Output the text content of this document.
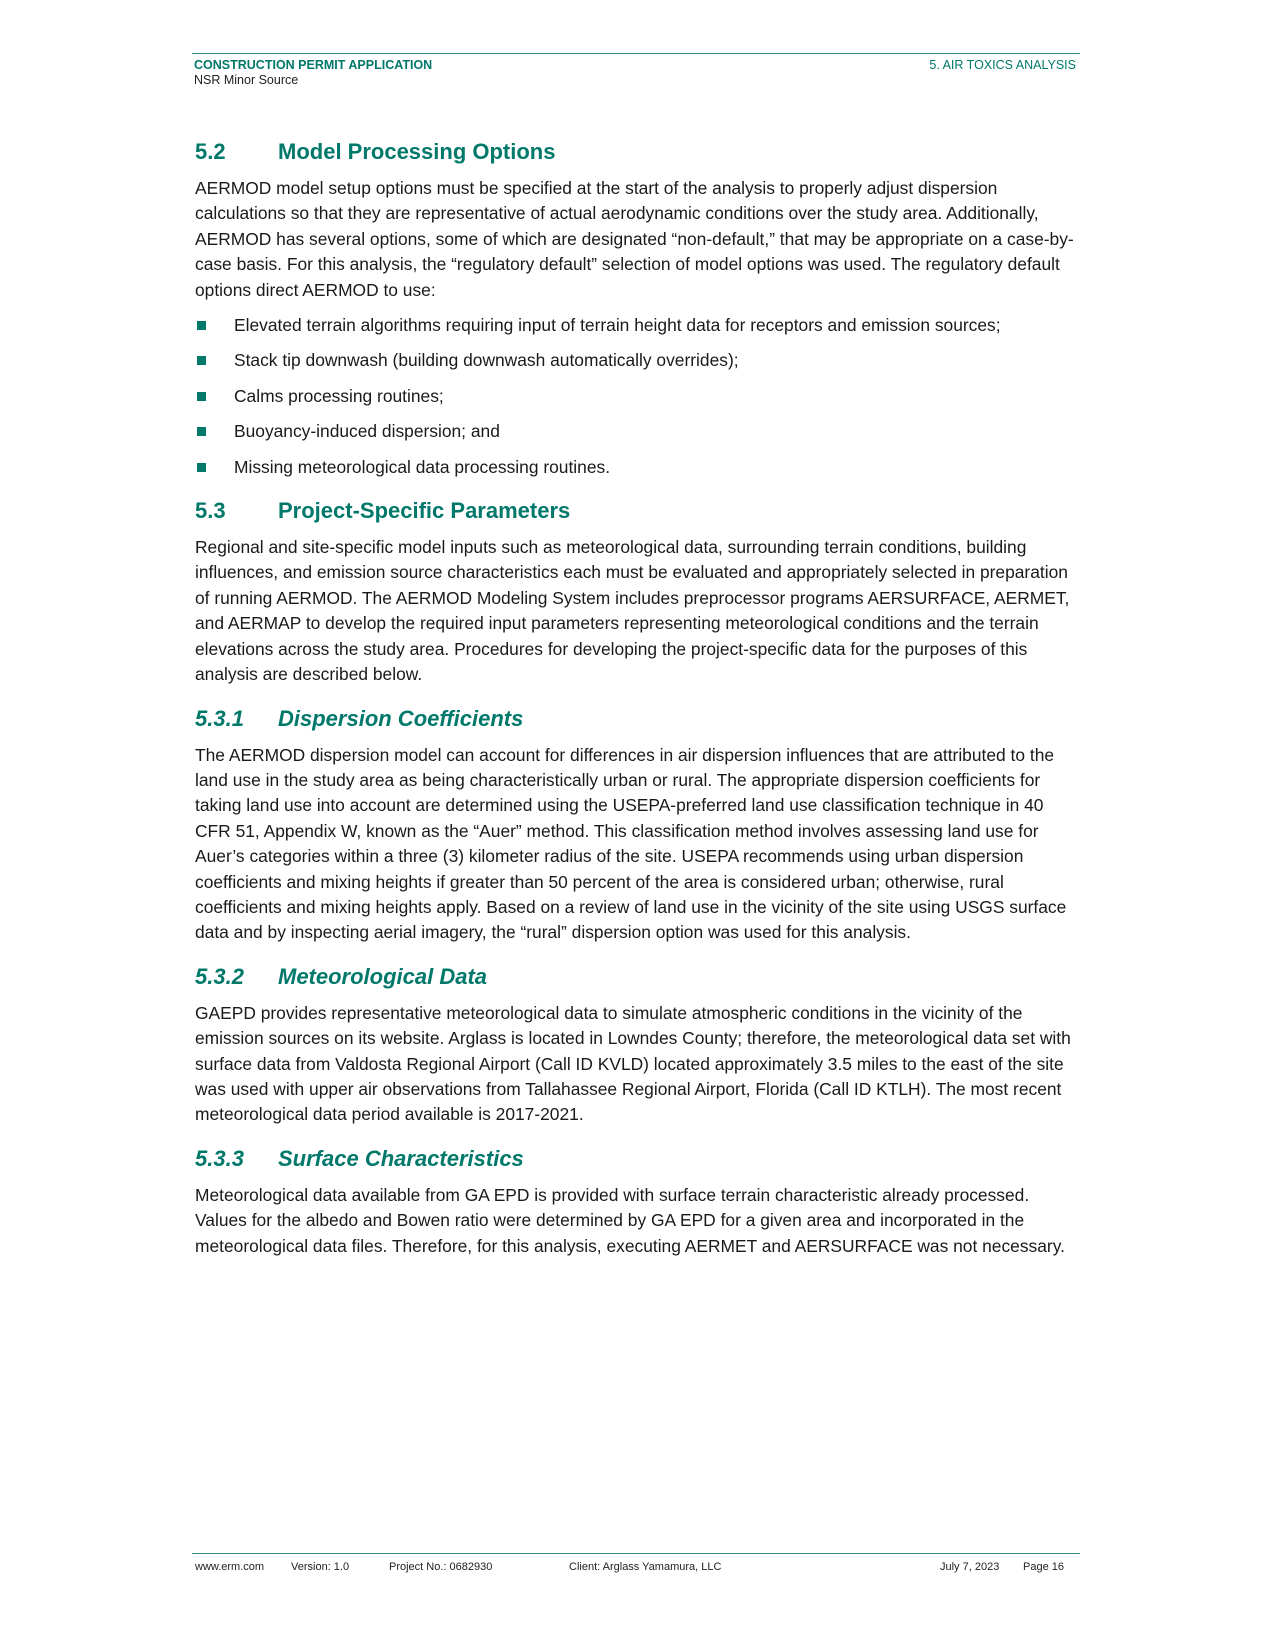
CONSTRUCTION PERMIT APPLICATION
NSR Minor Source
5. AIR TOXICS ANALYSIS
5.2	Model Processing Options

AERMOD model setup options must be specified at the start of the analysis to properly adjust dispersion calculations so that they are representative of actual aerodynamic conditions over the study area. Additionally, AERMOD has several options, some of which are designated “non-default,” that may be appropriate on a case-by-case basis. For this analysis, the “regulatory default” selection of model options was used. The regulatory default options direct AERMOD to use:

Elevated terrain algorithms requiring input of terrain height data for receptors and emission sources;
Stack tip downwash (building downwash automatically overrides);
Calms processing routines;
Buoyancy-induced dispersion; and
Missing meteorological data processing routines.
5.3	Project-Specific Parameters

Regional and site-specific model inputs such as meteorological data, surrounding terrain conditions, building influences, and emission source characteristics each must be evaluated and appropriately selected in preparation of running AERMOD. The AERMOD Modeling System includes preprocessor programs AERSURFACE, AERMET, and AERMAP to develop the required input parameters representing meteorological conditions and the terrain elevations across the study area. Procedures for developing the project-specific data for the purposes of this analysis are described below.

5.3.1	Dispersion Coefficients

The AERMOD dispersion model can account for differences in air dispersion influences that are attributed to the land use in the study area as being characteristically urban or rural. The appropriate dispersion coefficients for taking land use into account are determined using the USEPA-preferred land use classification technique in 40 CFR 51, Appendix W, known as the “Auer” method. This classification method involves assessing land use for Auer’s categories within a three (3) kilometer radius of the site. USEPA recommends using urban dispersion coefficients and mixing heights if greater than 50 percent of the area is considered urban; otherwise, rural coefficients and mixing heights apply. Based on a review of land use in the vicinity of the site using USGS surface data and by inspecting aerial imagery, the “rural” dispersion option was used for this analysis.

5.3.2	Meteorological Data

GAEPD provides representative meteorological data to simulate atmospheric conditions in the vicinity of the emission sources on its website. Arglass is located in Lowndes County; therefore, the meteorological data set with surface data from Valdosta Regional Airport (Call ID KVLD) located approximately 3.5 miles to the east of the site was used with upper air observations from Tallahassee Regional Airport, Florida (Call ID KTLH). The most recent meteorological data period available is 2017-2021.

5.3.3	Surface Characteristics

Meteorological data available from GA EPD is provided with surface terrain characteristic already processed. Values for the albedo and Bowen ratio were determined by GA EPD for a given area and incorporated in the meteorological data files. Therefore, for this analysis, executing AERMET and AERSURFACE was not necessary.

www.erm.com Version: 1.0	Project No.: 0682930	Client: Arglass Yamamura, LLC	July 7, 2023 Page 16
